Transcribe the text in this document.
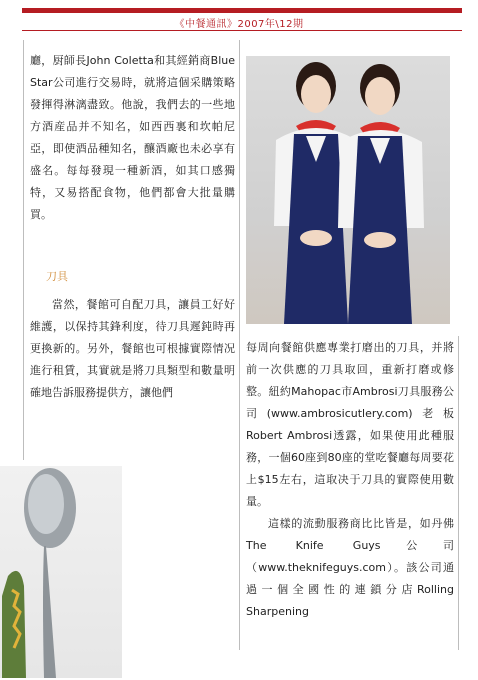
《中餐通訊》2007年\12期

廳，厨師長John Coletta和其經銷商Blue Star公司進行交易時，就將這個采購策略發揮得淋漓盡致。他說，我們去的一些地方酒産品并不知名，如西西裏和坎帕尼亞，即使酒品種知名，釀酒廠也未必享有盛名。每每發現一種新酒，如其口感獨特，又易搭配食物，他們都會大批量購買。

刀具

當然，餐館可自配刀具，讓員工好好維護，以保持其鋒利度，待刀具遲鈍時再更換新的。另外，餐館也可根據實際情况進行租賃，其實就是將刀具類型和數量明確地告訴服務提供方，讓他們

每周向餐館供應專業打磨出的刀具，并將前一次供應的刀具取回，重新打磨或修整。紐約Mahopac市Ambrosi刀具服務公司(www.ambrosicutlery.com)老板Robert Ambrosi透露，如果使用此種服務，一個60座到80座的堂吃餐廳每周要花上$15左右，這取决于刀具的實際使用數量。

這樣的流動服務商比比皆是，如丹佛The Knife Guys公司（www.theknifeguys.com）。該公司通過一個全國性的連鎖分店Rolling Sharpening
